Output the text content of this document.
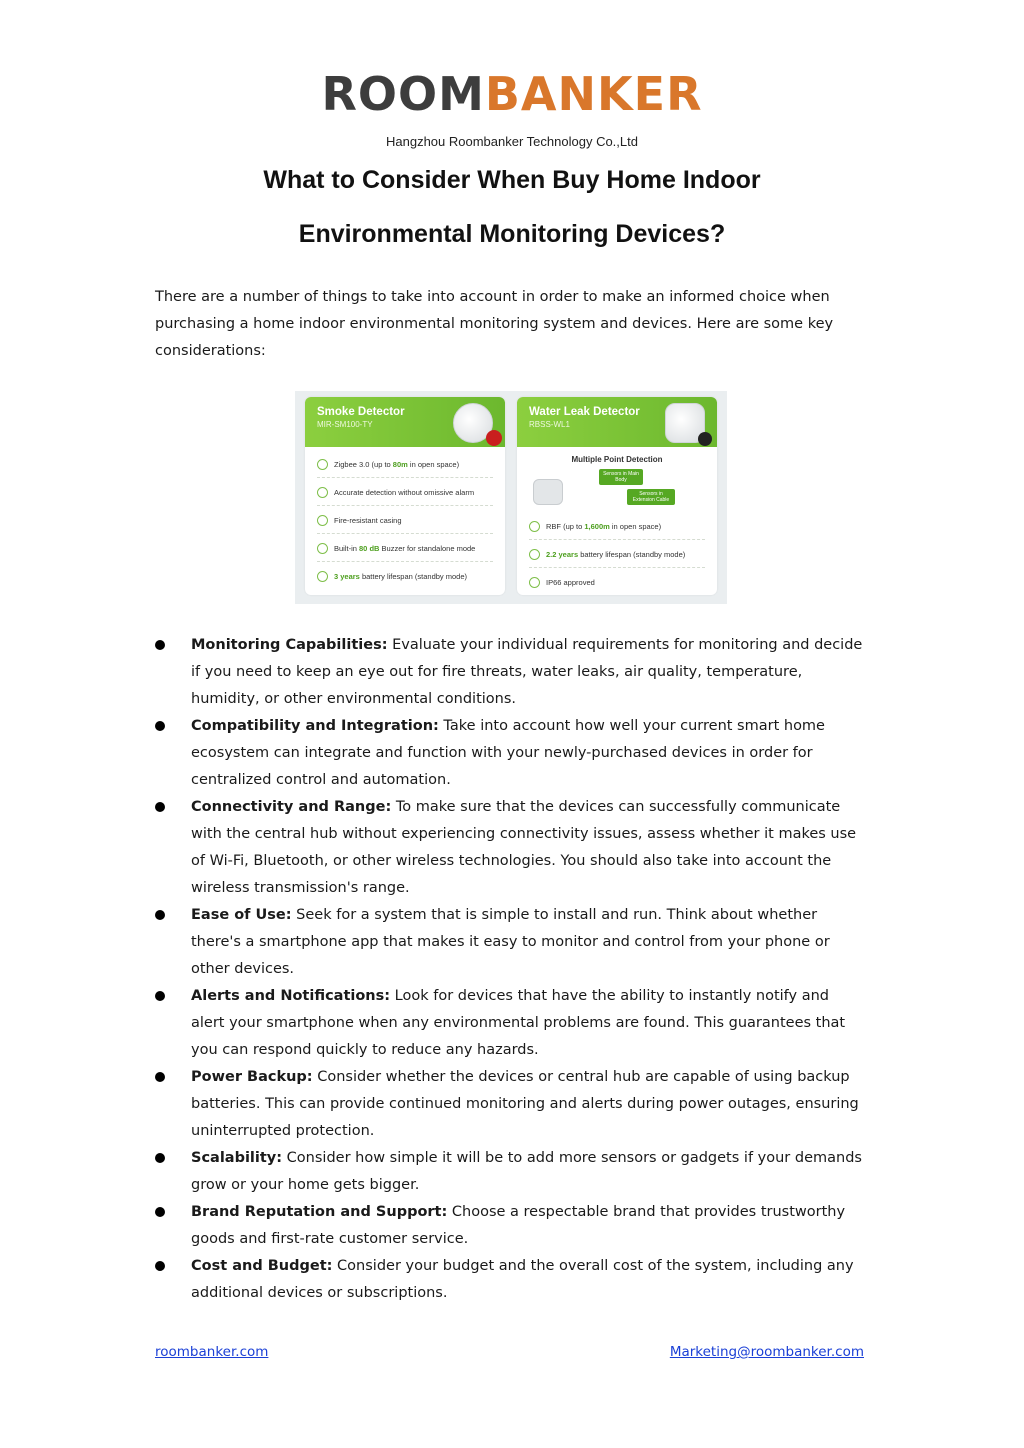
ROOMBANKER
Hangzhou Roombanker Technology Co.,Ltd
What to Consider When Buy Home Indoor
Environmental Monitoring Devices?

There are a number of things to take into account in order to make an informed choice when purchasing a home indoor environmental monitoring system and devices. Here are some key considerations:

Smoke Detector
MIR-SM100-TY
Zigbee 3.0 (up to 80m in open space)
Accurate detection without omissive alarm
Fire-resistant casing
Built-in 80 dB Buzzer for standalone mode
3 years battery lifespan (standby mode)
Water Leak Detector
RBSS-WL1
Multiple Point Detection
Sensors in Main Body
Sensors in Extension Cable
RBF (up to 1,600m in open space)
2.2 years battery lifespan (standby mode)
IP66 approved
Monitoring Capabilities: Evaluate your individual requirements for monitoring and decide if you need to keep an eye out for fire threats, water leaks, air quality, temperature, humidity, or other environmental conditions.
Compatibility and Integration: Take into account how well your current smart home ecosystem can integrate and function with your newly-purchased devices in order for centralized control and automation.
Connectivity and Range: To make sure that the devices can successfully communicate with the central hub without experiencing connectivity issues, assess whether it makes use of Wi-Fi, Bluetooth, or other wireless technologies. You should also take into account the wireless transmission's range.
Ease of Use: Seek for a system that is simple to install and run. Think about whether there's a smartphone app that makes it easy to monitor and control from your phone or other devices.
Alerts and Notifications: Look for devices that have the ability to instantly notify and alert your smartphone when any environmental problems are found. This guarantees that you can respond quickly to reduce any hazards.
Power Backup: Consider whether the devices or central hub are capable of using backup batteries. This can provide continued monitoring and alerts during power outages, ensuring uninterrupted protection.
Scalability: Consider how simple it will be to add more sensors or gadgets if your demands grow or your home gets bigger.
Brand Reputation and Support: Choose a respectable brand that provides trustworthy goods and first-rate customer service.
Cost and Budget: Consider your budget and the overall cost of the system, including any additional devices or subscriptions.
roombanker.com	Marketing@roombanker.com
